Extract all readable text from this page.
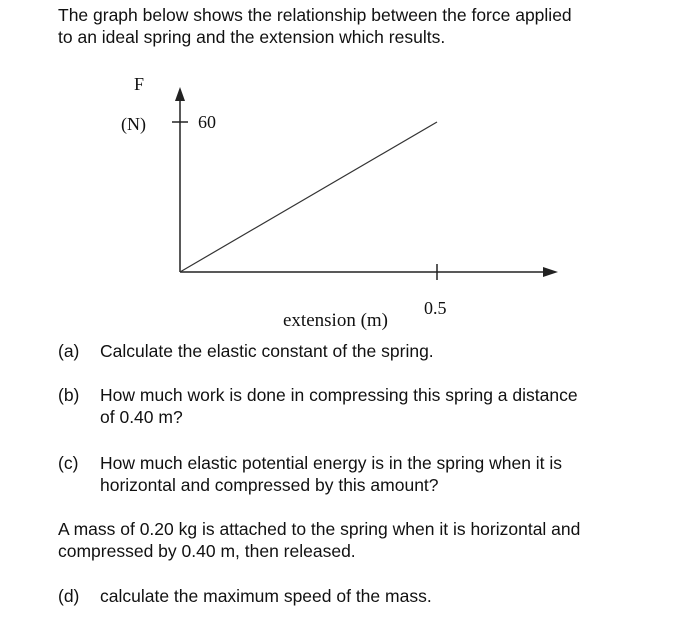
The graph below shows the relationship between the force applied
to an ideal spring and the extension which results.
F
(N)	60
0.5
extension (m)
(a) Calculate the elastic constant of the spring.
(b) How much work is done in compressing this spring a distance
of 0.40 m?
(c) How much elastic potential energy is in the spring when it is
horizontal and compressed by this amount?
A mass of 0.20 kg is attached to the spring when it is horizontal and
compressed by 0.40 m, then released.
(d) calculate the maximum speed of the mass.
